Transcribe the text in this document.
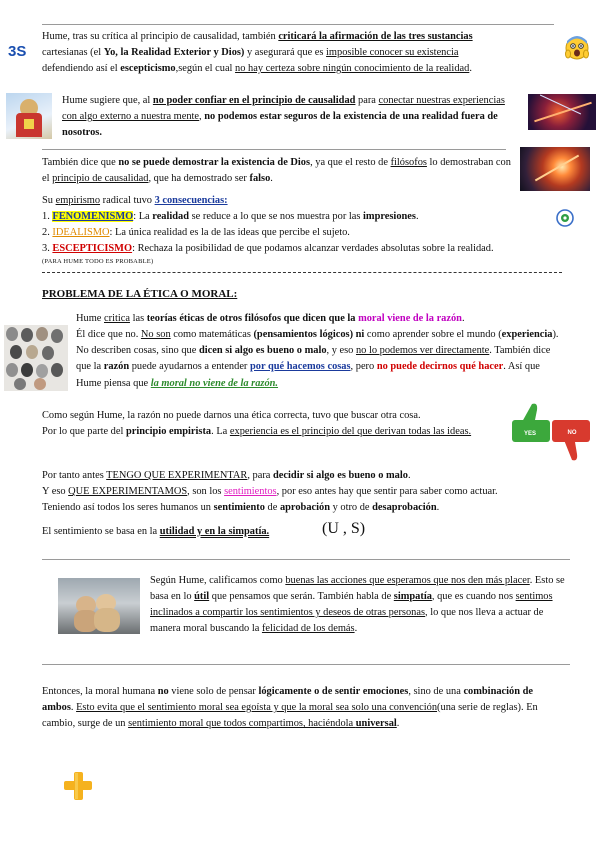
3S
Hume, tras su crítica al principio de causalidad, también criticará la afirmación de las tres sustancias
cartesianas (el Yo, la Realidad Exterior y Dios) y asegurará que es imposible conocer su existencia
defendiendo así el escepticismo,según el cual no hay certeza sobre ningún conocimiento de la realidad.
Hume sugiere que, al no poder confiar en el principio de causalidad para conectar nuestras experiencias con algo externo a nuestra mente, no podemos estar seguros de la existencia de una realidad fuera de nosotros.
También dice que no se puede demostrar la existencia de Dios, ya que el resto de filósofos lo demostraban con el principio de causalidad, que ha demostrado ser falso.
Su empirismo radical tuvo 3 consecuencias:
1. FENOMENISMO: La realidad se reduce a lo que se nos muestra por las impresiones.
2. IDEALISMO: La única realidad es la de las ideas que percibe el sujeto.
3. ESCEPTICISMO: Rechaza la posibilidad de que podamos alcanzar verdades absolutas sobre la realidad.
(PARA HUME TODO ES PROBABLE)
PROBLEMA DE LA ÉTICA O MORAL:
Hume critica las teorías éticas de otros filósofos que dicen que la moral viene de la razón.
Él dice que no. No son como matemáticas (pensamientos lógicos) ni como aprender sobre el mundo (experiencia). No describen cosas, sino que dicen si algo es bueno o malo, y eso no lo podemos ver directamente. También dice que la razón puede ayudarnos a entender por qué hacemos cosas, pero no puede decirnos qué hacer. Así que Hume piensa que la moral no viene de la razón.
Como según Hume, la razón no puede darnos una ética correcta, tuvo que buscar otra cosa.
Por lo que parte del principio empirista. La experiencia es el principio del que derivan todas las ideas.	YES	NO
Por tanto antes TENGO QUE EXPERIMENTAR, para decidir si algo es bueno o malo.
Y eso QUE EXPERIMENTAMOS, son los sentimientos, por eso antes hay que sentir para saber como actuar.
Teniendo así todos los seres humanos un sentimiento de aprobación y otro de desaprobación.
El sentimiento se basa en la utilidad y en la simpatía.	(U , S)
Según Hume, calificamos como buenas las acciones que esperamos que nos den más placer. Esto se basa en lo útil que pensamos que serán. También habla de simpatía, que es cuando nos sentimos inclinados a compartir los sentimientos y deseos de otras personas, lo que nos lleva a actuar de manera moral buscando la felicidad de los demás.
Entonces, la moral humana no viene solo de pensar lógicamente o de sentir emociones, sino de una combinación de ambos. Esto evita que el sentimiento moral sea egoísta y que la moral sea solo una convención(una serie de reglas). En cambio, surge de un sentimiento moral que todos compartimos, haciéndola universal.
